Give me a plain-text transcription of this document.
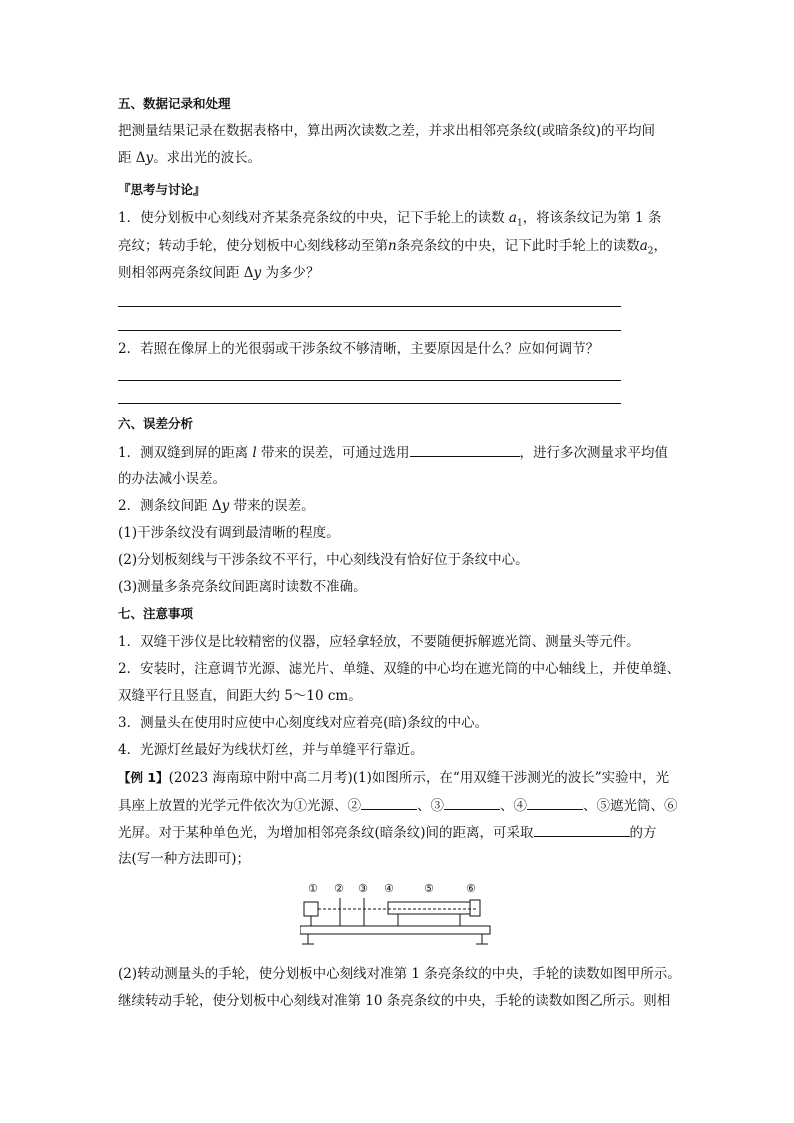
五、数据记录和处理
把测量结果记录在数据表格中，算出两次读数之差，并求出相邻亮条纹(或暗条纹)的平均间
距 Δy。求出光的波长。
『思考与讨论』
1．使分划板中心刻线对齐某条亮条纹的中央，记下手轮上的读数 $a_1$，将该条纹记为第 1 条
亮纹；转动手轮，使分划板中心刻线移动至第n条亮条纹的中央，记下此时手轮上的读数$a_2$，
则相邻两亮条纹间距 Δy 为多少？
2．若照在像屏上的光很弱或干涉条纹不够清晰，主要原因是什么？应如何调节？
六、误差分析
1．测双缝到屏的距离 l 带来的误差，可通过选用	，进行多次测量求平均值
的办法减小误差。
2．测条纹间距 Δy 带来的误差。
(1)干涉条纹没有调到最清晰的程度。
(2)分划板刻线与干涉条纹不平行，中心刻线没有恰好位于条纹中心。
(3)测量多条亮条纹间距离时读数不准确。
七、注意事项
1．双缝干涉仪是比较精密的仪器，应轻拿轻放，不要随便拆解遮光筒、测量头等元件。
2．安装时，注意调节光源、滤光片、单缝、双缝的中心均在遮光筒的中心轴线上，并使单缝、
双缝平行且竖直，间距大约 5～10 cm。
3．测量头在使用时应使中心刻度线对应着亮(暗)条纹的中心。
4．光源灯丝最好为线状灯丝，并与单缝平行靠近。
【例 1】(2023 海南琼中附中高二月考)(1)如图所示，在“用双缝干涉测光的波长”实验中，光
具座上放置的光学元件依次为①光源、②	、③	、④	、⑤遮光筒、⑥
光屏。对于某种单色光，为增加相邻亮条纹(暗条纹)间的距离，可采取	的方
法(写一种方法即可)；
① ② ③ ④	⑤	⑥
(2)转动测量头的手轮，使分划板中心刻线对准第 1 条亮条纹的中央，手轮的读数如图甲所示。
继续转动手轮，使分划板中心刻线对准第 10 条亮条纹的中央，手轮的读数如图乙所示。则相
